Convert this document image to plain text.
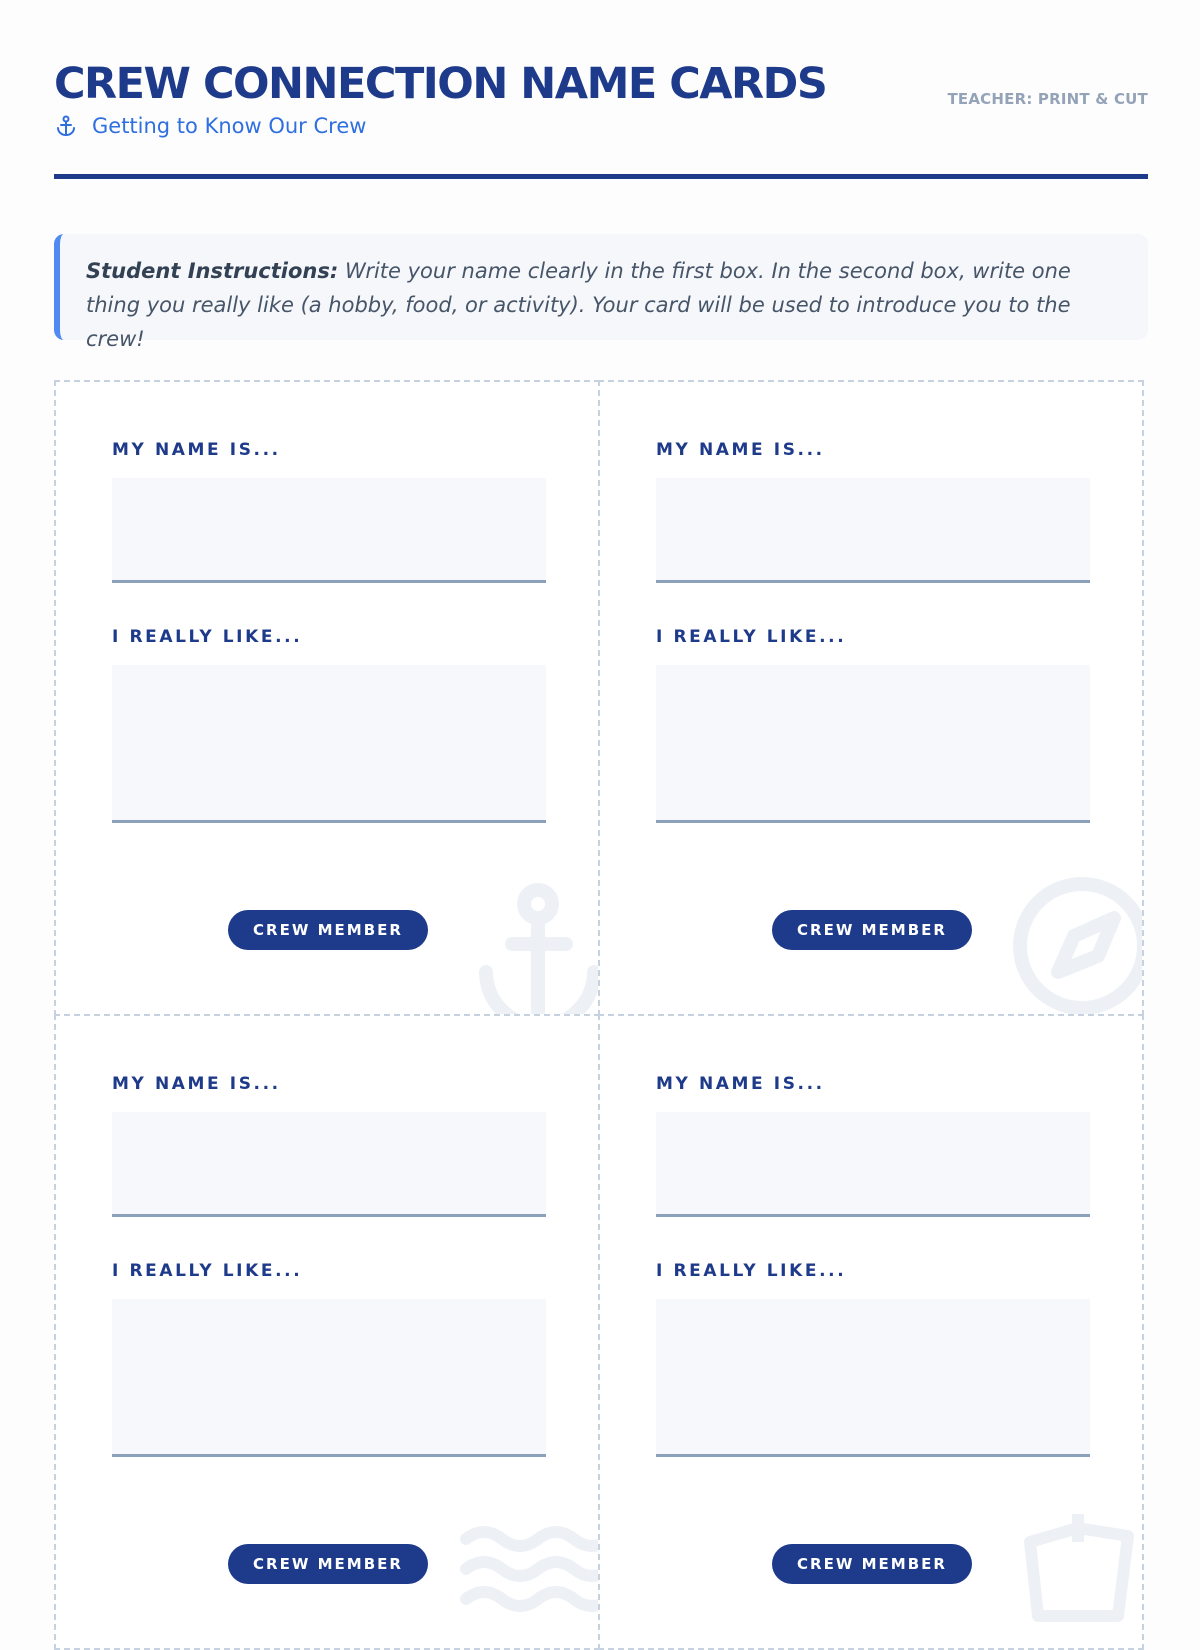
CREW CONNECTION NAME CARDS	TEACHER: PRINT & CUT
Getting to Know Our Crew
Student Instructions: Write your name clearly in the first box. In the second box, write one thing you really like (a hobby, food, or activity). Your card will be used to introduce you to the crew!
MY NAME IS...
I REALLY LIKE...
CREW MEMBER
MY NAME IS...
I REALLY LIKE...
CREW MEMBER
MY NAME IS...
I REALLY LIKE...
CREW MEMBER
MY NAME IS...
I REALLY LIKE...
CREW MEMBER
